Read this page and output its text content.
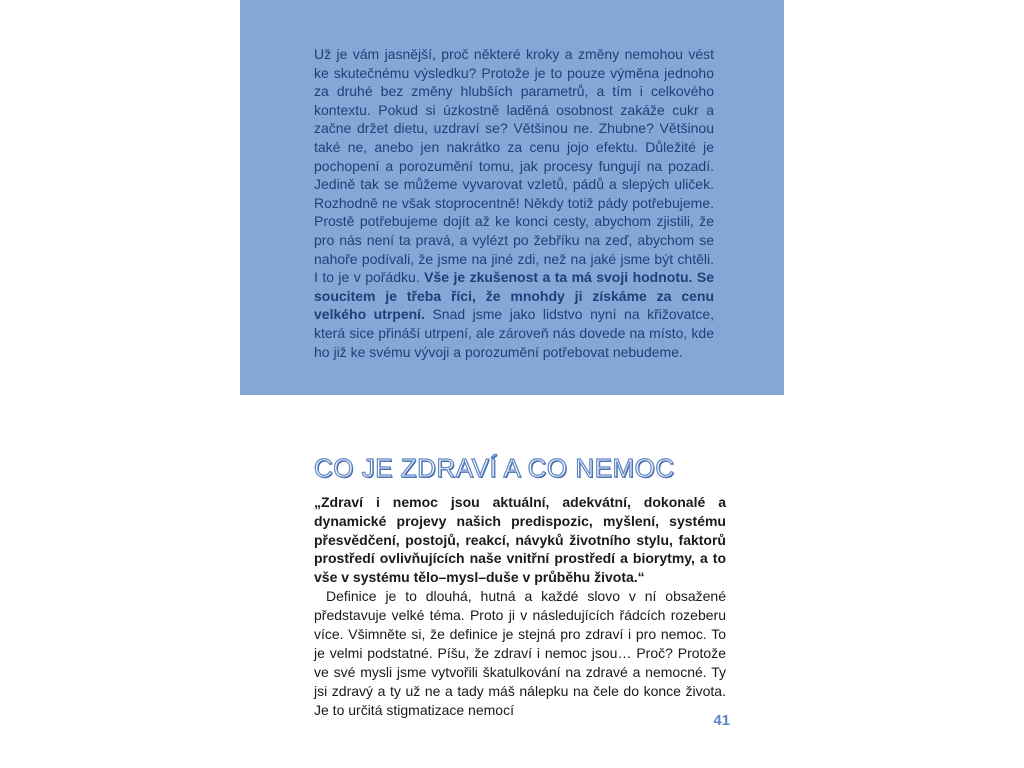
Už je vám jasnější, proč některé kroky a změny nemohou vést ke skutečnému výsledku? Protože je to pouze výměna jednoho za druhé bez změny hlubších parametrů, a tím i celkového kontextu. Pokud si úzkostně laděná osobnost zakáže cukr a začne držet dietu, uzdraví se? Většinou ne. Zhubne? Většinou také ne, anebo jen nakrátko za cenu jojo efektu. Důležité je pochopení a porozumění tomu, jak procesy fungují na pozadí. Jedině tak se můžeme vyvarovat vzletů, pádů a slepých uliček. Rozhodně ne však stoprocentně! Někdy totiž pády potřebujeme. Prostě potřebujeme dojít až ke konci cesty, abychom zjistili, že pro nás není ta pravá, a vylézt po žebříku na zeď, abychom se nahoře podívali, že jsme na jiné zdi, než na jaké jsme být chtěli. I to je v pořádku. Vše je zkušenost a ta má svoji hodnotu. Se soucitem je třeba říci, že mnohdy ji získáme za cenu velkého utrpení. Snad jsme jako lidstvo nyní na křižovatce, která sice přináší utrpení, ale zároveň nás dovede na místo, kde ho již ke svému vývoji a porozumění potřebovat nebudeme.

CO JE ZDRAVÍ A CO NEMOC

„Zdraví i nemoc jsou aktuální, adekvátní, dokonalé a dynamické projevy našich predispozic, myšlení, systému přesvědčení, postojů, reakcí, návyků životního stylu, faktorů prostředí ovlivňujících naše vnitřní prostředí a biorytmy, a to vše v systému tělo–mysl–duše v průběhu života.“

Definice je to dlouhá, hutná a každé slovo v ní obsažené představuje velké téma. Proto ji v následujících řádcích rozeberu více. Všimněte si, že definice je stejná pro zdraví i pro nemoc. To je velmi podstatné. Píšu, že zdraví i nemoc jsou… Proč? Protože ve své mysli jsme vytvořili škatulkování na zdravé a nemocné. Ty jsi zdravý a ty už ne a tady máš nálepku na čele do konce života. Je to určitá stigmatizace nemocí

41
